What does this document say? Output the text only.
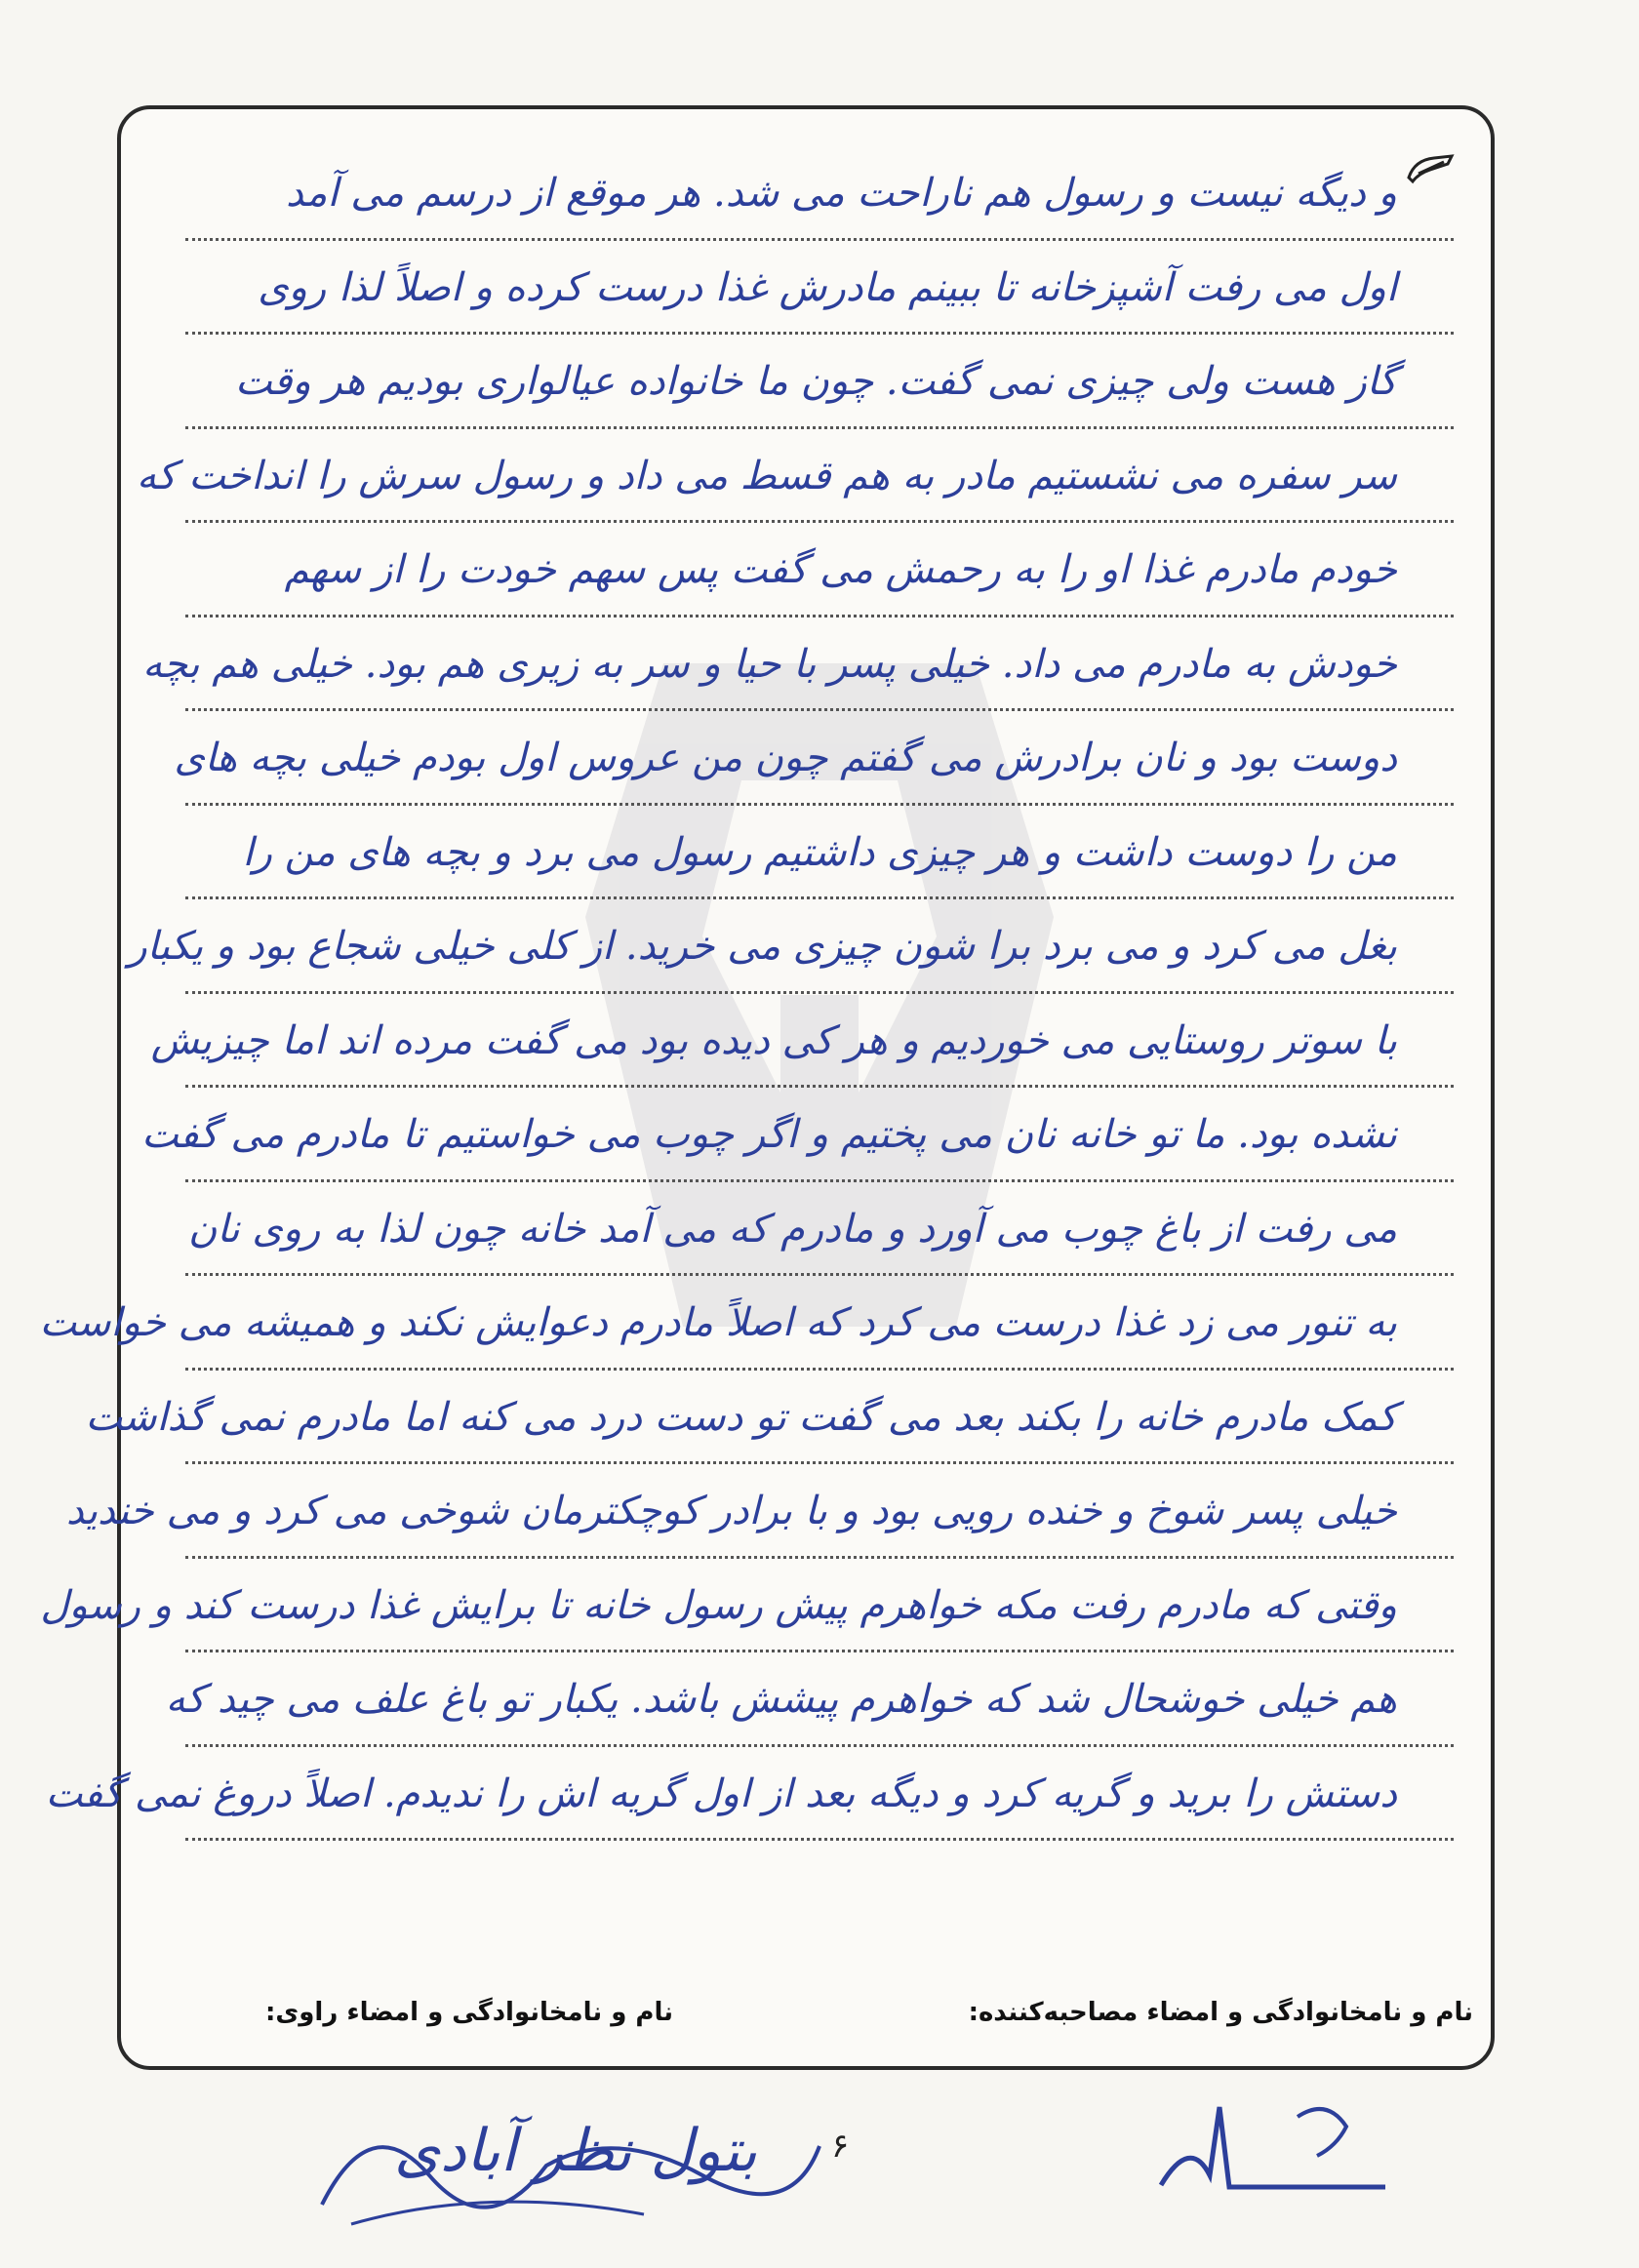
و دیگه نیست و رسول هم ناراحت می شد. هر موقع از درسم می آمد
اول می رفت آشپزخانه تا ببینم مادرش غذا درست کرده و اصلاً لذا روی
گاز هست ولی چیزی نمی گفت. چون ما خانواده عیالواری بودیم هر وقت
سر سفره می نشستیم مادر به هم قسط می داد و رسول سرش را انداخت که
خودم مادرم غذا او را به رحمش می گفت پس سهم خودت را از سهم
خودش به مادرم می داد. خیلی پسر با حیا و سر به زیری هم بود. خیلی هم بچه
دوست بود و نان برادرش می گفتم چون من عروس اول بودم خیلی بچه های
من را دوست داشت و هر چیزی داشتیم رسول می برد و بچه های من را
بغل می کرد و می برد برا شون چیزی می خرید. از کلی خیلی شجاع بود و یکبار
با سوتر روستایی می خوردیم و هر کی دیده بود می گفت مرده اند اما چیزیش
نشده بود. ما تو خانه نان می پختیم و اگر چوب می خواستیم تا مادرم می گفت
می رفت از باغ چوب می آورد و مادرم که می آمد خانه چون لذا به روی نان
به تنور می زد غذا درست می کرد که اصلاً مادرم دعوایش نکند و همیشه می خواست
کمک مادرم خانه را بکند بعد می گفت تو دست درد می کنه اما مادرم نمی گذاشت
خیلی پسر شوخ و خنده رویی بود و با برادر کوچکترمان شوخی می کرد و می خندید
وقتی که مادرم رفت مکه خواهرم پیش رسول خانه تا برایش غذا درست کند و رسول
هم خیلی خوشحال شد که خواهرم پیشش باشد. یکبار تو باغ علف می چید که
دستش را برید و گریه کرد و دیگه بعد از اول گریه اش را ندیدم. اصلاً دروغ نمی گفت
نام و نامخانوادگی و امضاء مصاحبه‌کننده:
نام و نامخانوادگی و امضاء راوی:
بتول نظر آبادی	۶
